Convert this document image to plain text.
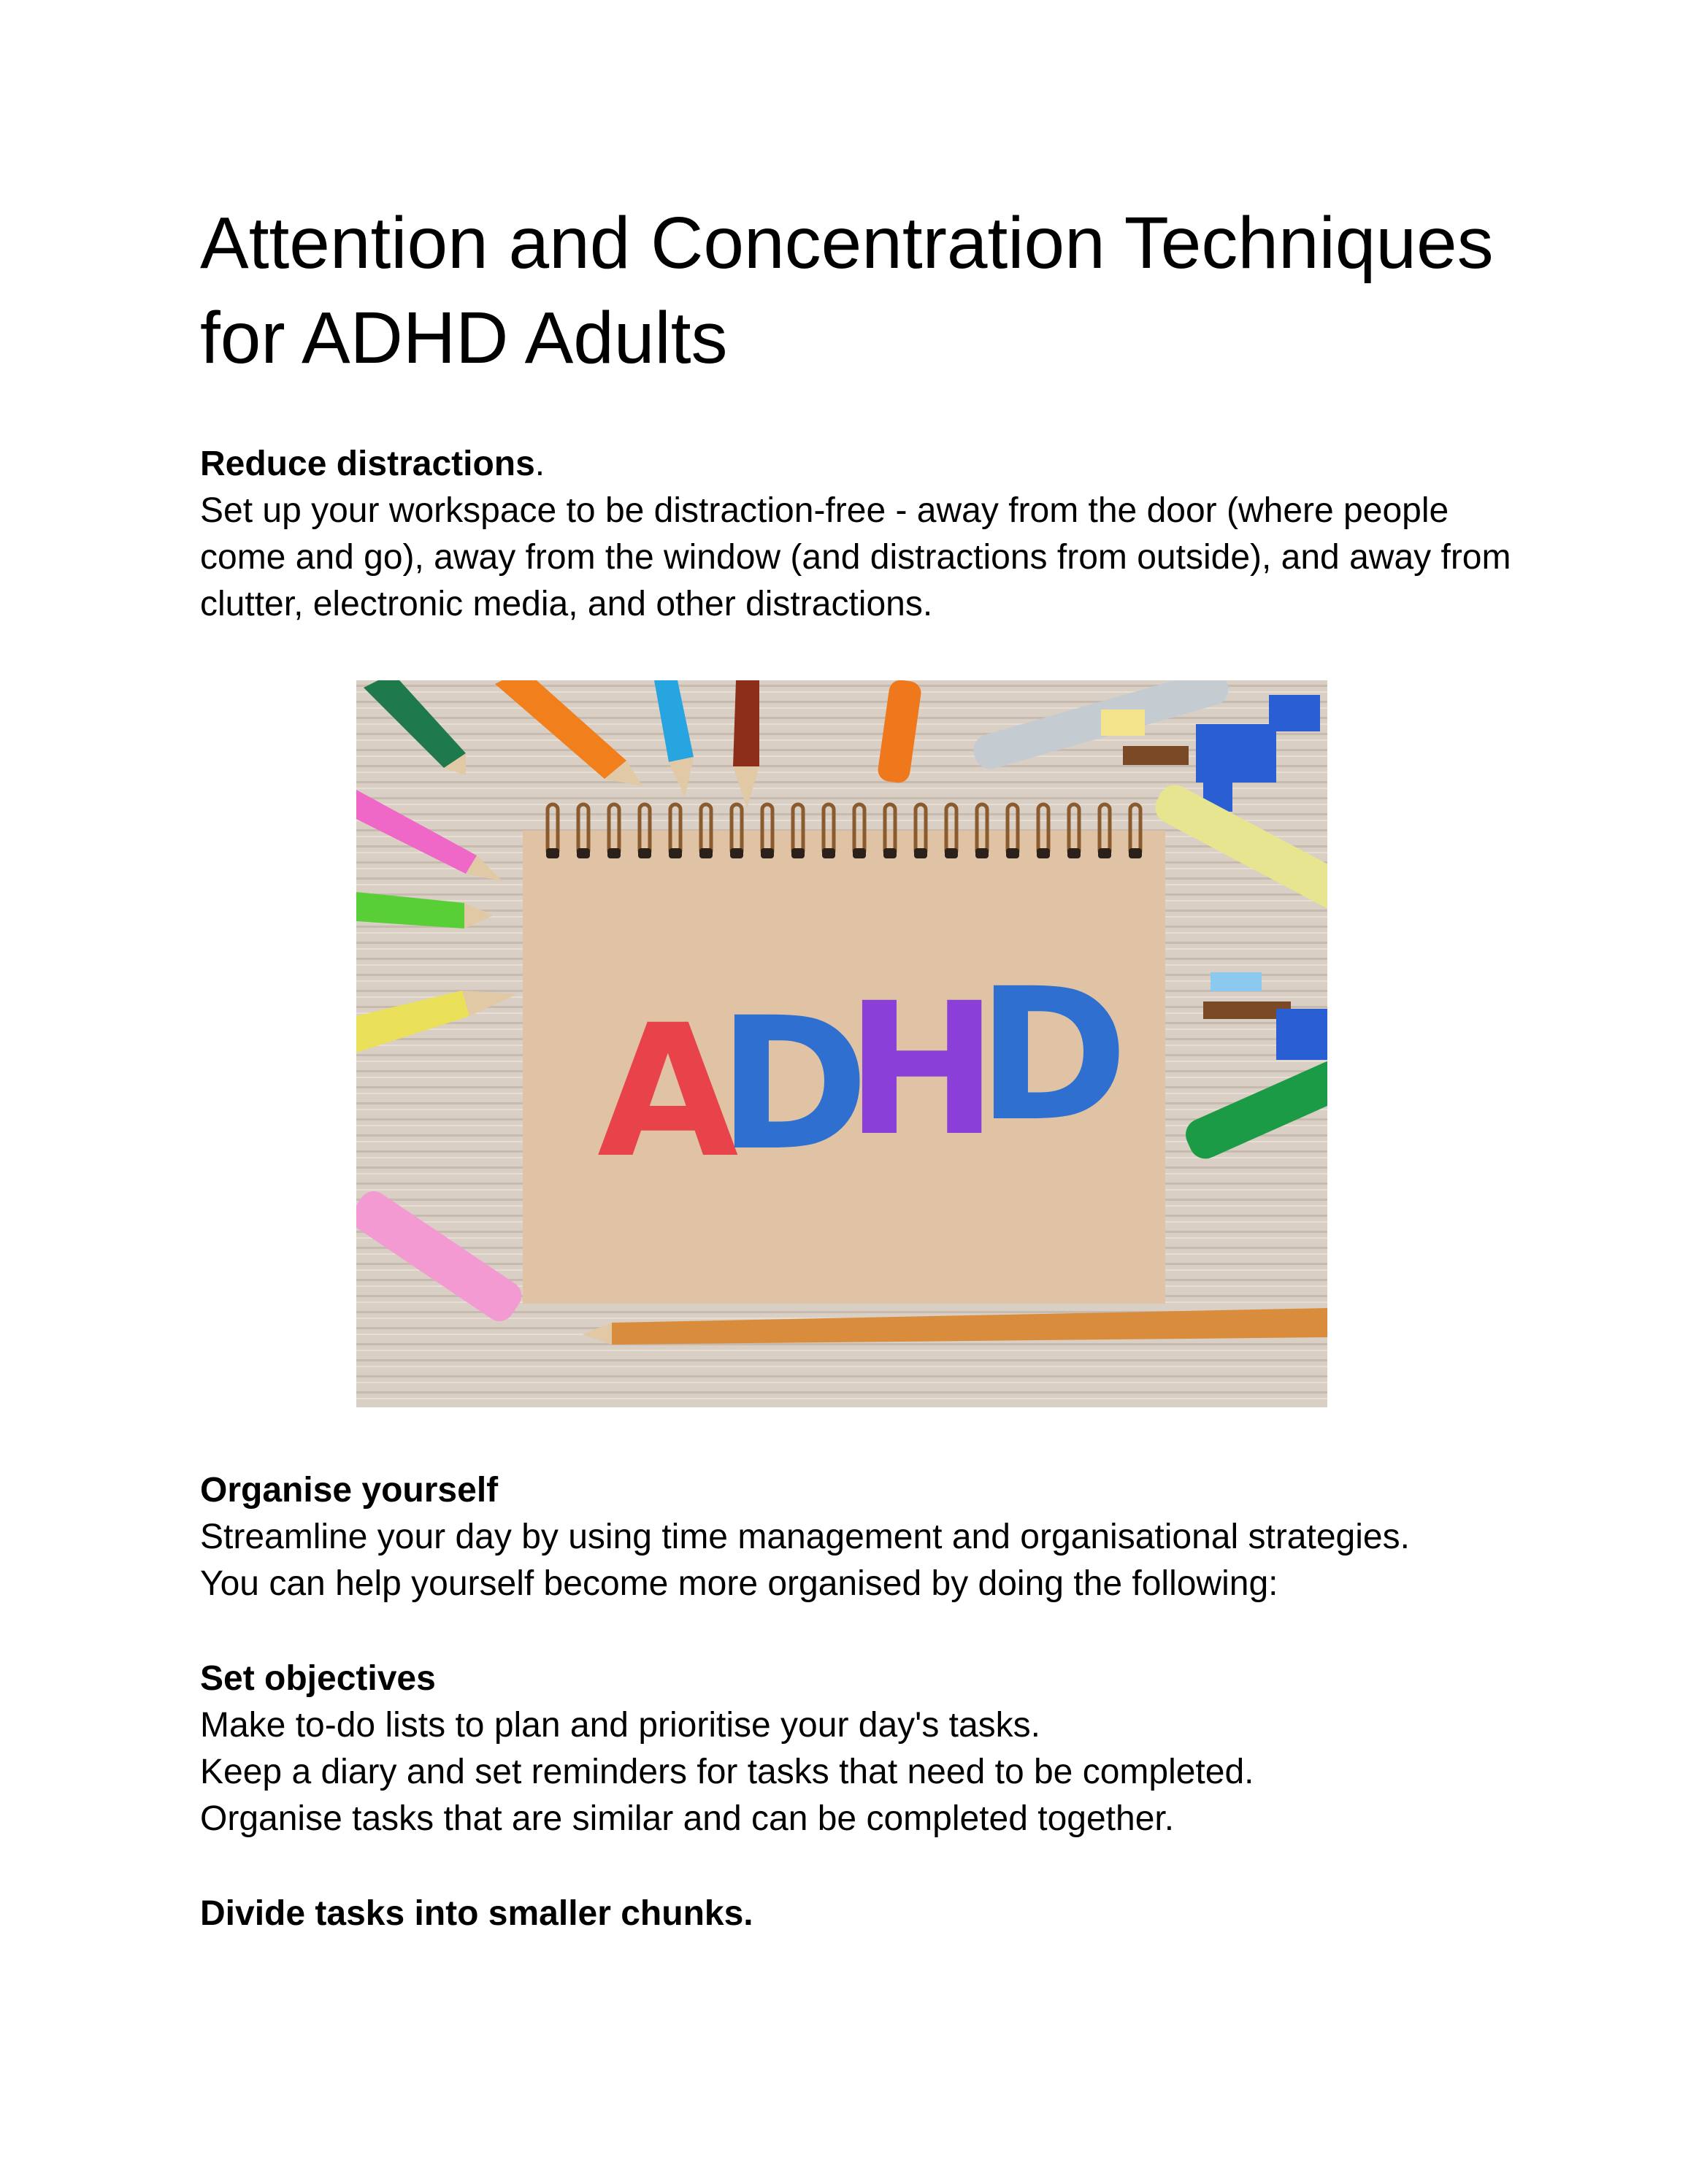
Attention and Concentration Techniques for ADHD Adults

Reduce distractions.

Set up your workspace to be distraction-free - away from the door (where people come and go), away from the window (and distractions from outside), and away from clutter, electronic media, and other distractions.

A
D
H
D

Organise yourself

Streamline your day by using time management and organisational strategies.

You can help yourself become more organised by doing the following:

Set objectives

Make to-do lists to plan and prioritise your day's tasks.

Keep a diary and set reminders for tasks that need to be completed.

Organise tasks that are similar and can be completed together.

Divide tasks into smaller chunks.
